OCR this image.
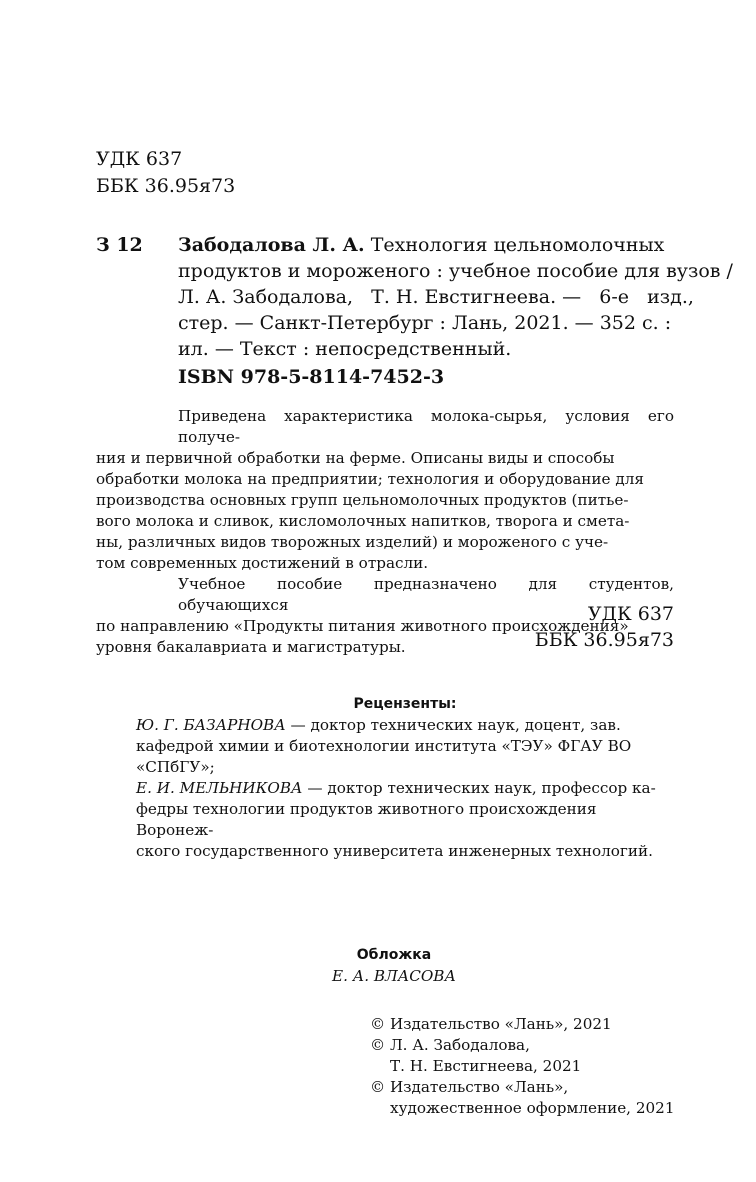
УДК 637
ББК 36.95я73
З 12 Забодалова Л. А. Технология цельномолочных
продуктов и мороженого : учебное пособие для вузов /
Л. А. Забодалова,   Т. Н. Евстигнеева. —   6-е   изд.,
стер. — Санкт-Петербург : Лань, 2021. — 352 с. :
ил. — Текст : непосредственный.
ISBN 978-5-8114-7452-3
Приведена характеристика молока-сырья, условия его получе-
ния и первичной обработки на ферме. Описаны виды и способы
обработки молока на предприятии; технология и оборудование для
производства основных групп цельномолочных продуктов (питье-
вого молока и сливок, кисломолочных напитков, творога и смета-
ны, различных видов творожных изделий) и мороженого с уче-
том современных достижений в отрасли.
Учебное пособие предназначено для студентов, обучающихся
по направлению «Продукты питания животного происхождения»
уровня бакалавриата и магистратуры.
УДК 637
ББК 36.95я73
Рецензенты:
Ю. Г. БАЗАРНОВА — доктор технических наук, доцент, зав.
кафедрой химии и биотехнологии института «ТЭУ» ФГАУ ВО
«СПбГУ»;
Е. И. МЕЛЬНИКОВА — доктор технических наук, профессор ка-
федры технологии продуктов животного происхождения Воронеж-
ского государственного университета инженерных технологий.
Обложка
Е. А. ВЛАСОВА
© Издательство «Лань», 2021
© Л. А. Забодалова,
Т. Н. Евстигнеева, 2021
© Издательство «Лань»,
художественное оформление, 2021
